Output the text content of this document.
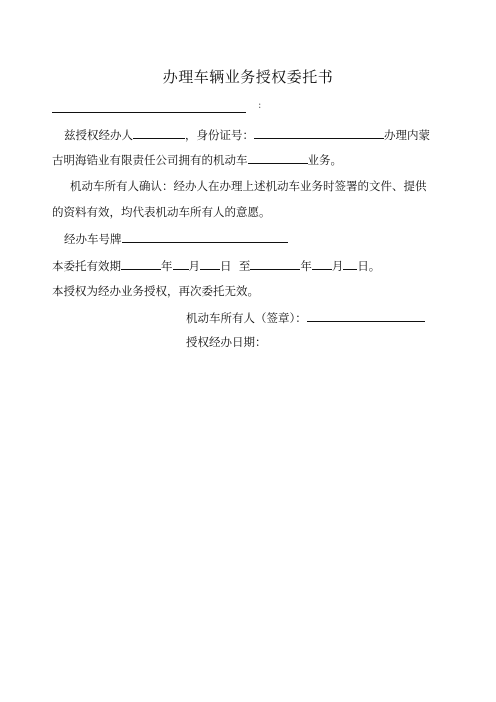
办理车辆业务授权委托书
:
兹授权经办人	，身份证号：	办理内蒙
古明海锆业有限责任公司拥有的机动车	业务。
机动车所有人确认：经办人在办理上述机动车业务时签署的文件、提供
的资料有效，均代表机动车所有人的意愿。
经办车号牌
本委托有效期	年 月 日 至	年 月 日。
本授权为经办业务授权，再次委托无效。
机动车所有人（签章）：
授权经办日期：
